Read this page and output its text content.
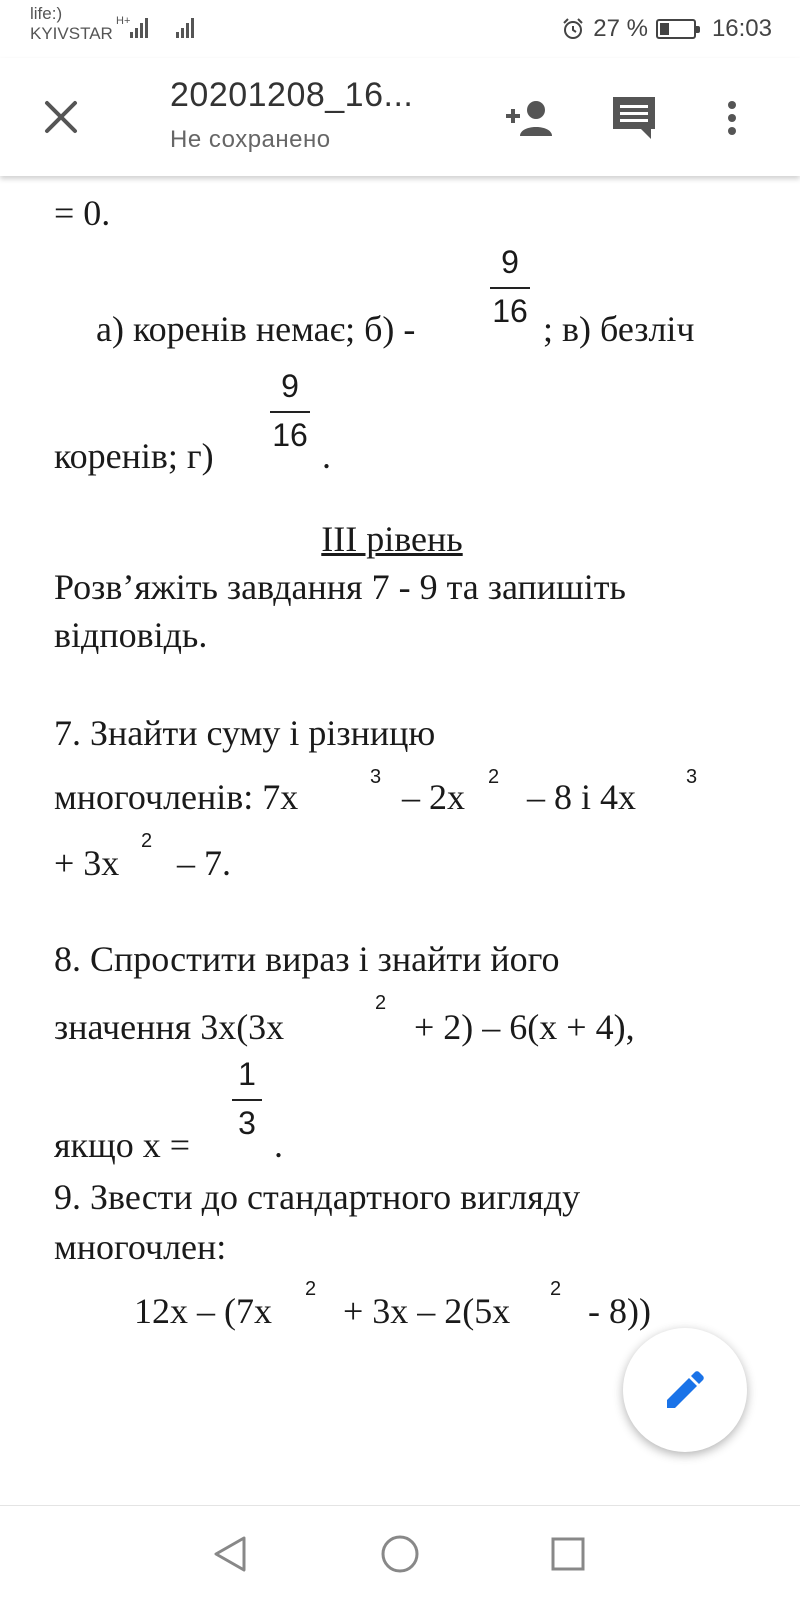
life:)
KYIVSTAR
H+	27 %	16:03
20201208_16...
Не сохранено
= 0.
а) коренів немає; б) -
9
16 ; в) безліч
коренів; г)
9
16
.
ІІІ рівень
Розв’яжіть завдання 7 - 9 та запишіть
відповідь.
7. Знайти суму і різницю
многочленів: 7х	3 – 2х 2 – 8 і 4х 3
+ 3х
2
– 7.
8. Спростити вираз і знайти його
значення 3х(3х
2
+ 2) – 6(х + 4),
якщо х =
1
3
.
9. Звести до стандартного вигляду
многочлен:
12х – (7х
2
+ 3х – 2(5х
2
- 8))
